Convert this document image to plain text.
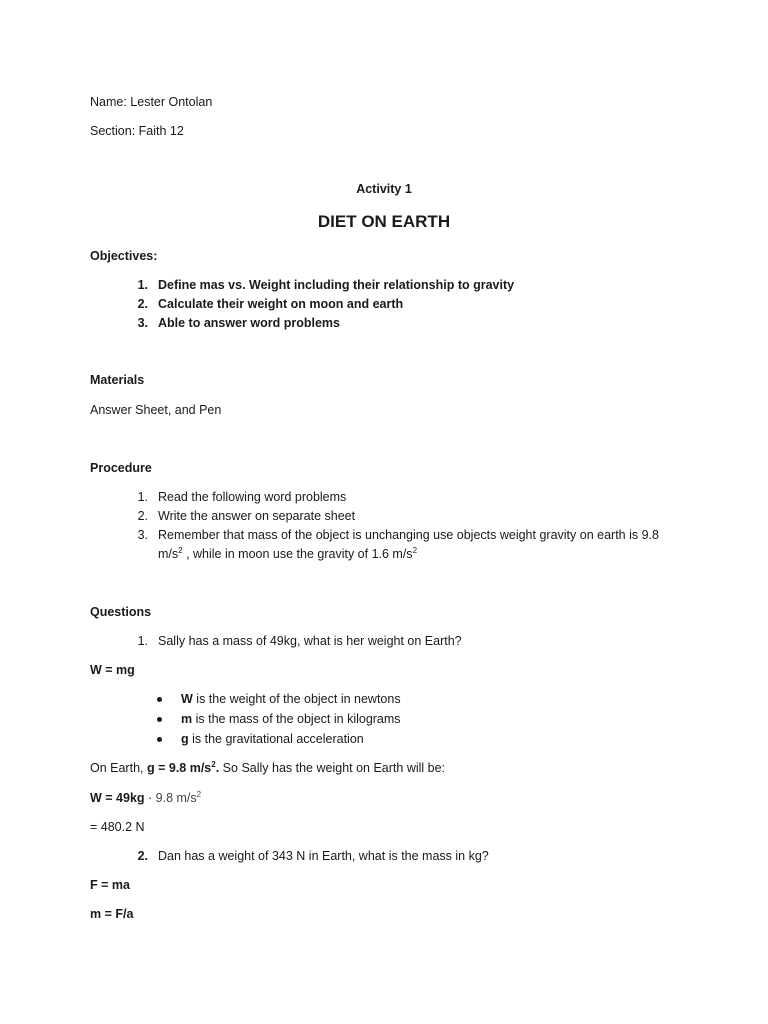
Name: Lester Ontolan
Section: Faith 12
Activity 1
DIET ON EARTH
Objectives:
1. Define mas vs. Weight including their relationship to gravity
2. Calculate their weight on moon and earth
3. Able to answer word problems
Materials
Answer Sheet, and Pen
Procedure
1. Read the following word problems
2. Write the answer on separate sheet
3. Remember that mass of the object is unchanging use objects weight gravity on earth is 9.8
$m/s^2$ , while in moon use the gravity of 1.6 $m/s^2$
Questions
1. Sally has a mass of 49kg, what is her weight on Earth?
W = mg
W is the weight of the object in newtons
m is the mass of the object in kilograms
g is the gravitational acceleration
On Earth, g = 9.8 $m/s^2$. So Sally has the weight on Earth will be:
W = 49kg · 9.8 $m/s^2$
= 480.2 N
2. Dan has a weight of 343 N in Earth, what is the mass in kg?
F = ma
m = F/a
